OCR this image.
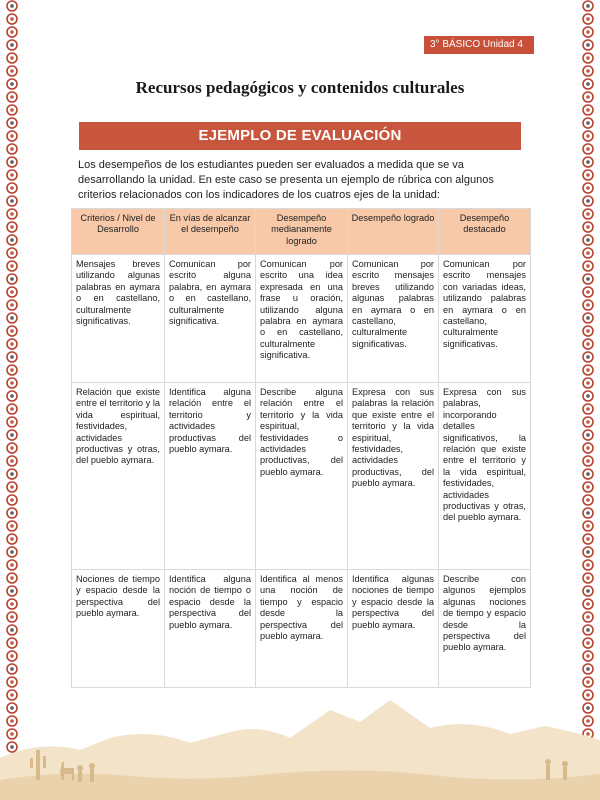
3° BÁSICO Unidad 4
Recursos pedagógicos y contenidos culturales
EJEMPLO DE EVALUACIÓN

Los desempeños de los estudiantes pueden ser evaluados a medida que se va desarrollando la unidad. En este caso se presenta un ejemplo de rúbrica con algunos criterios relacionados con los indicadores de los cuatros ejes de la unidad:

Criterios / Nivel de Desarrollo	En vías de alcanzar el desempeño	Desempeño medianamente logrado	Desempeño logrado	Desempeño destacado
Mensajes breves utilizando algunas palabras en aymara o en castellano, culturalmente significativas.	Comunican por escrito alguna palabra, en aymara o en castellano, culturalmente significativa.	Comunican por escrito una idea expresada en una frase u oración, utilizando alguna palabra en aymara o en castellano, culturalmente significativa.	Comunican por escrito mensajes breves utilizando algunas palabras en aymara o en castellano, culturalmente significativas.	Comunican por escrito mensajes con variadas ideas, utilizando palabras en aymara o en castellano, culturalmente significativas.
Relación que existe entre el territorio y la vida espiritual, festividades, actividades productivas y otras, del pueblo aymara.	Identifica alguna relación entre el territorio y actividades productivas del pueblo aymara.	Describe alguna relación entre el territorio y la vida espiritual, festividades o actividades productivas, del pueblo aymara.	Expresa con sus palabras la relación que existe entre el territorio y la vida espiritual, festividades, actividades productivas, del pueblo aymara.	Expresa con sus palabras, incorporando detalles significativos, la relación que existe entre el territorio y la vida espiritual, festividades, actividades productivas y otras, del pueblo aymara.
Nociones de tiempo y espacio desde la perspectiva del pueblo aymara.	Identifica alguna noción de tiempo o espacio desde la perspectiva del pueblo aymara.	Identifica al menos una noción de tiempo y espacio desde la perspectiva del pueblo aymara.	Identifica algunas nociones de tiempo y espacio desde la perspectiva del pueblo aymara.	Describe con algunos ejemplos algunas nociones de tiempo y espacio desde la perspectiva del pueblo aymara.
